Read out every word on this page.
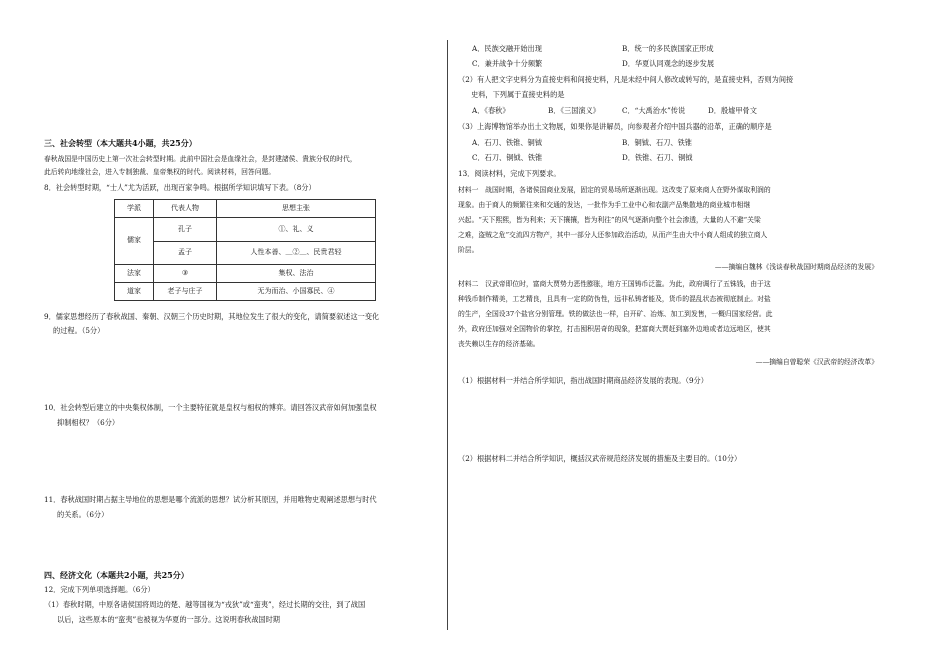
三、社会转型（本大题共4小题，共25分）
春秋战国是中国历史上第一次社会转型时期。此前中国社会是血缘社会，是封建諸侯、貴族分权的时代，
此后转向地缘社会，进入专制独裁、皇帝集权的时代。阅读材料，回答问题。
8．社会转型时期，“士人”尤为活跃，出现百家争鸣。根据所学知识填写下表。（8分）
学派	代表人物	思想主张
儒家	孔子	①、礼、义
	孟子	人性本善、＿②＿、民贵君轻
法家	③	集权、法治
道家	老子与庄子	无为而治、小国寡民、④
9．儒家思想经历了春秋战国、秦朝、汉朝三个历史时期，其地位发生了很大的变化，请简要叙述这一变化
的过程。（5分）
10．社会转型后建立的中央集权体制，一个主要特征就是皇权与相权的博弈。请回答汉武帝如何加强皇权
抑制相权？（6分）
11．春秋战国时期占据主导地位的思想是哪个流派的思想？试分析其原因，并用唯物史观阐述思想与时代
的关系。（6分）
四、经济文化（本题共2小题，共25分）
12．完成下列单项选择题。（6分）
（1）春秋时期，中原各诸侯国将周边的楚、越等国视为“戎狄”或“蛮夷”，经过长期的交往，到了战国
以后，这些原本的“蛮夷”也被视为华夏的一部分。这说明春秋战国时期
A．民族交融开始出现	B．统一的多民族国家正形成
C．兼并战争十分频繁	D．华夏认同观念的逐步发展
（2）有人把文字史料分为直接史料和间接史料，凡是未经中间人修改或转写的，是直接史料，否则为间接
史料，下列属于直接史料的是
A．《春秋》	B．《三国演义》	C．“大禹治水”传说	D．殷墟甲骨文
（3）上海博物馆举办出土文物展，如果你是讲解员，向参观者介绍中国兵器的沿革，正确的顺序是
A．石刀、铁锥、铜钺	B．铜钺、石刀、铁锥
C．石刀、铜钺、铁锥	D．铁锥、石刀、铜钺
13．阅读材料，完成下列要求。
材料一　战国时期，各诸侯国商业发展，固定的贸易场所逐渐出现。这改变了原来商人在野外谋取利润的
现象。由于商人的频繁往来和交通的发达，一批作为手工业中心和农副产品集散地的商业城市相继
兴起。“天下熙熙，皆为利来；天下攘攘，皆为利往”的风气逐渐向整个社会渗透，大量的人不避“关梁
之难，盗贼之危”交流四方物产，其中一部分人还参加政治活动，从而产生由大中小商人组成的独立商人
阶层。
——摘编自魏林《浅谈春秋战国时期商品经济的发展》
材料二　汉武帝即位时，富商大贾势力恶性膨胀，地方王国铸币泛滥。为此，政府调行了五铢钱，由于这
种钱币制作精美，工艺精良，且具有一定的防伪性，远非私铸者能及，货币的混乱状态被彻底制止。对盐
的生产，全国设37个盐官分别管理。铁的做法也一样，自开矿、冶炼、加工到发售，一概归国家经营。此
外，政府还加强对全国物价的掌控，打击囤积居奇的现象，把富商大贾赶到塞外边地或者边远地区，使其
丧失赖以生存的经济基础。
——摘编自曾聪荣《汉武帝的经济改革》
（1）根据材料一并结合所学知识，指出战国时期商品经济发展的表现。（9分）
（2）根据材料二并结合所学知识，概括汉武帝规范经济发展的措施及主要目的。（10分）
